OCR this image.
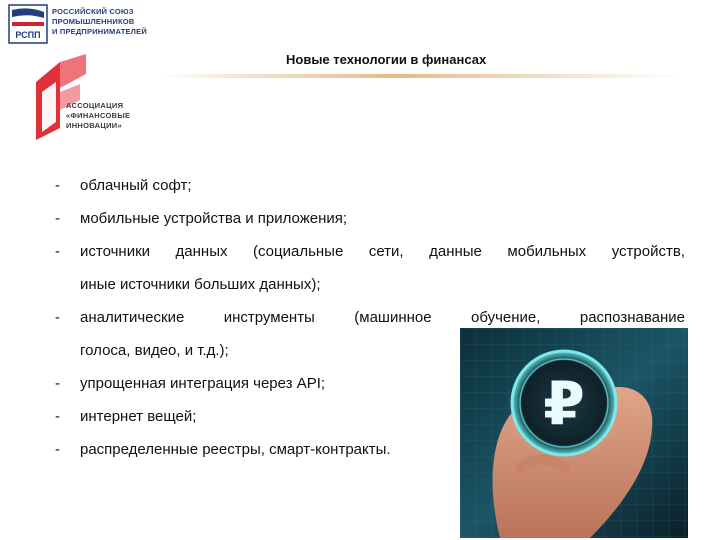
РСПП
РОССИЙСКИЙ СОЮЗ
ПРОМЫШЛЕННИКОВ
И ПРЕДПРИНИМАТЕЛЕЙ
Новые технологии в финансах
АССОЦИАЦИЯ
«ФИНАНСОВЫЕ
ИННОВАЦИИ»
₽
- облачный софт;
- мобильные устройства и приложения;
- источники данных (социальные сети, данные мобильных устройств,
иные источники больших данных);
- аналитические инструменты (машинное обучение, распознавание
голоса, видео, и т.д.);
- упрощенная интеграция через API;
- интернет вещей;
- распределенные реестры, смарт-контракты.
